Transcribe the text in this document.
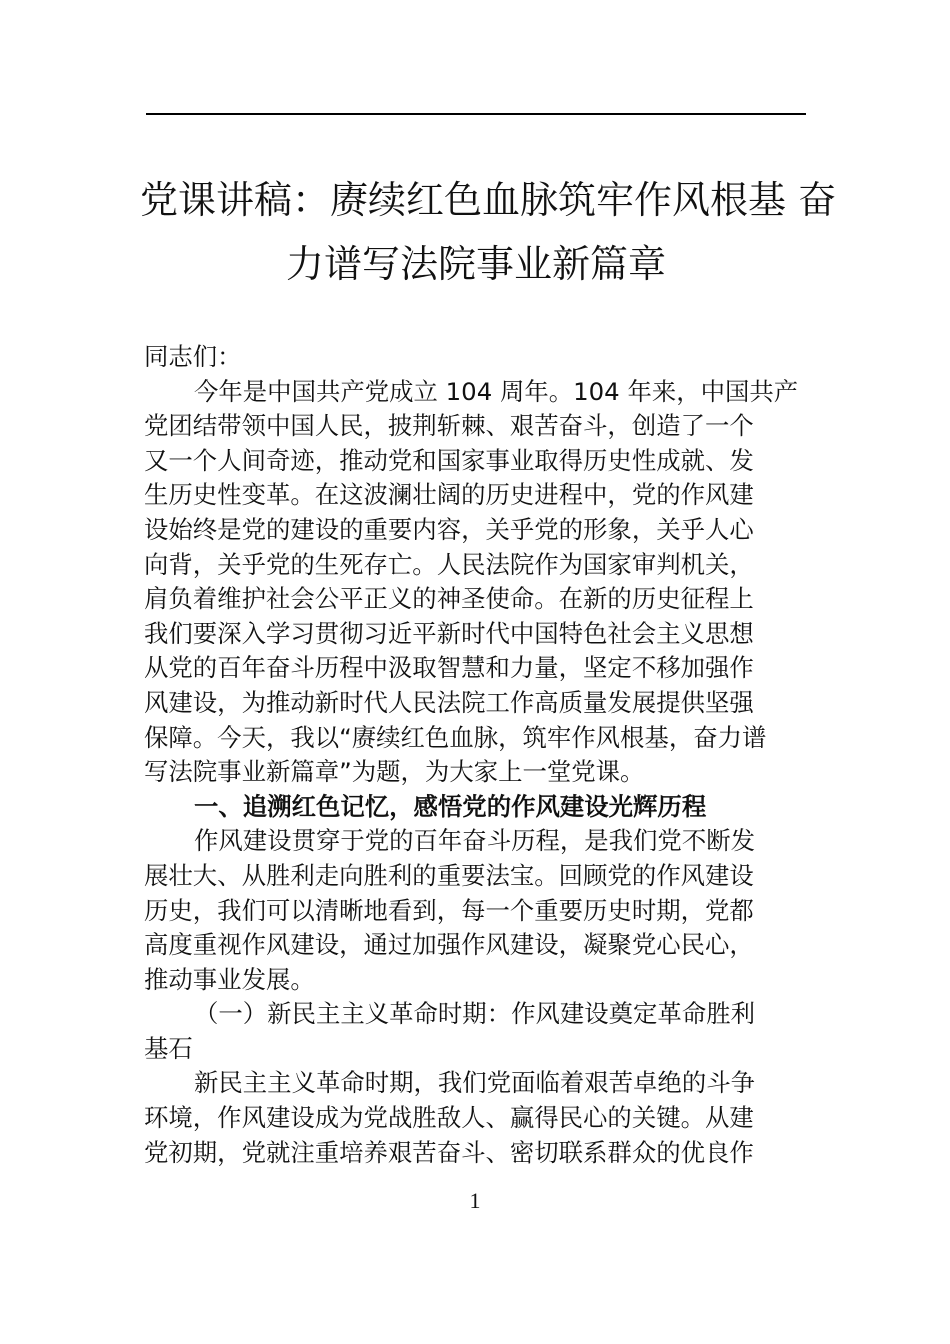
党课讲稿：赓续红色血脉筑牢作风根基 奋
力谱写法院事业新篇章
同志们：
今年是中国共产党成立 104 周年。104 年来，中国共产
党团结带领中国人民，披荆斩棘、艰苦奋斗，创造了一个
又一个人间奇迹，推动党和国家事业取得历史性成就、发
生历史性变革。在这波澜壮阔的历史进程中，党的作风建
设始终是党的建设的重要内容，关乎党的形象，关乎人心
向背，关乎党的生死存亡。人民法院作为国家审判机关，
肩负着维护社会公平正义的神圣使命。在新的历史征程上
我们要深入学习贯彻习近平新时代中国特色社会主义思想
从党的百年奋斗历程中汲取智慧和力量，坚定不移加强作
风建设，为推动新时代人民法院工作高质量发展提供坚强
保障。今天，我以“赓续红色血脉，筑牢作风根基，奋力谱
写法院事业新篇章”为题，为大家上一堂党课。
一、追溯红色记忆，感悟党的作风建设光辉历程
作风建设贯穿于党的百年奋斗历程，是我们党不断发
展壮大、从胜利走向胜利的重要法宝。回顾党的作风建设
历史，我们可以清晰地看到，每一个重要历史时期，党都
高度重视作风建设，通过加强作风建设，凝聚党心民心，
推动事业发展。
（一）新民主主义革命时期：作风建设奠定革命胜利
基石
新民主主义革命时期，我们党面临着艰苦卓绝的斗争
环境，作风建设成为党战胜敌人、赢得民心的关键。从建
党初期，党就注重培养艰苦奋斗、密切联系群众的优良作
1
